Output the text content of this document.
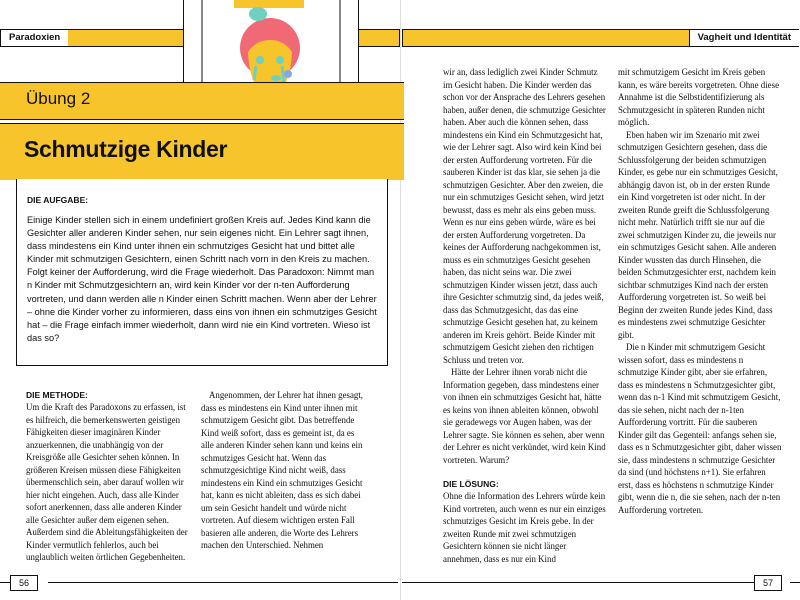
Paradoxien
Übung 2
Schmutzige Kinder
DIE AUFGABE:

Einige Kinder stellen sich in einem undefiniert großen Kreis auf. Jedes Kind kann die Gesichter aller anderen Kinder sehen, nur sein eigenes nicht. Ein Lehrer sagt ihnen, dass mindestens ein Kind unter ihnen ein schmutziges Gesicht hat und bittet alle Kinder mit schmutzigen Gesichtern, einen Schritt nach vorn in den Kreis zu machen. Folgt keiner der Aufforderung, wird die Frage wiederholt. Das Paradoxon: Nimmt man n Kinder mit Schmutzgesichtern an, wird kein Kinder vor der n-ten Aufforderung vortreten, und dann werden alle n Kinder einen Schritt machen. Wenn aber der Lehrer – ohne die Kinder vorher zu informieren, dass eins von ihnen ein schmutziges Gesicht hat – die Frage einfach immer wiederholt, dann wird nie ein Kind vortreten. Wieso ist das so?

DIE METHODE:

Um die Kraft des Paradoxons zu erfassen, ist es hilfreich, die bemerkenswerten geistigen Fähigkeiten dieser imaginären Kinder anzuerkennen, die unabhängig von der Kreisgröße alle Gesichter sehen können. In größeren Kreisen müssen diese Fähigkeiten übermenschlich sein, aber darauf wollen wir hier nicht eingehen. Auch, dass alle Kinder sofort anerkennen, dass alle anderen Kinder alle Gesichter außer dem eigenen sehen. Außerdem sind die Ableitungsfähigkeiten der Kinder vermutlich fehlerlos, auch bei unglaublich weiten örtlichen Gegebenheiten.

Angenommen, der Lehrer hat ihnen gesagt, dass es mindestens ein Kind unter ihnen mit schmutzigem Gesicht gibt. Das betreffende Kind weiß sofort, dass es gemeint ist, da es alle anderen Kinder sehen kann und keins ein schmutziges Gesicht hat. Wenn das schmutzgesichtige Kind nicht weiß, dass mindestens ein Kind ein schmutziges Gesicht hat, kann es nicht ableiten, dass es sich dabei um sein Gesicht handelt und würde nicht vortreten. Auf diesem wichtigen ersten Fall basieren alle anderen, die Worte des Lehrers machen den Unterschied. Nehmen

56
Vagheit und Identität

wir an, dass lediglich zwei Kinder Schmutz im Gesicht haben. Die Kinder werden das schon vor der Ansprache des Lehrers gesehen haben, außer denen, die schmutzige Gesichter haben. Aber auch die können sehen, dass mindestens ein Kind ein Schmutzgesicht hat, wie der Lehrer sagt. Also wird kein Kind bei der ersten Aufforderung vortreten. Für die sauberen Kinder ist das klar, sie sehen ja die schmutzigen Gesichter. Aber den zweien, die nur ein schmutziges Gesicht sehen, wird jetzt bewusst, dass es mehr als eins geben muss. Wenn es nur eins geben würde, wäre es bei der ersten Aufforderung vorgetreten. Da keines der Aufforderung nachgekommen ist, muss es ein schmutziges Gesicht gesehen haben, das nicht seins war. Die zwei schmutzigen Kinder wissen jetzt, dass auch ihre Gesichter schmutzig sind, da jedes weiß, dass das Schmutzgesicht, das das eine schmutzige Gesicht gesehen hat, zu keinem anderen im Kreis gehört. Beide Kinder mit schmutzigem Gesicht ziehen den richtigen Schluss und treten vor.

Hätte der Lehrer ihnen vorab nicht die Information gegeben, dass mindestens einer von ihnen ein schmutziges Gesicht hat, hätte es keins von ihnen ableiten können, obwohl sie geradewegs vor Augen haben, was der Lehrer sagte. Sie können es sehen, aber wenn der Lehrer es nicht verkündet, wird kein Kind vortreten. Warum?

DIE LÖSUNG:

Ohne die Information des Lehrers würde kein Kind vortreten, auch wenn es nur ein einziges schmutziges Gesicht im Kreis gebe. In der zweiten Runde mit zwei schmutzigen Gesichtern können sie nicht länger annehmen, dass es nur ein Kind

mit schmutzigem Gesicht im Kreis geben kann, es wäre bereits vorgetreten. Ohne diese Annahme ist die Selbstidentifizierung als Schmutzgesicht in späteren Runden nicht möglich.

Eben haben wir im Szenario mit zwei schmutzigen Gesichtern gesehen, dass die Schlussfolgerung der beiden schmutzigen Kinder, es gebe nur ein schmutziges Gesicht, abhängig davon ist, ob in der ersten Runde ein Kind vorgetreten ist oder nicht. In der zweiten Runde greift die Schlussfolgerung nicht mehr. Natürlich trifft sie nur auf die zwei schmutzigen Kinder zu, die jeweils nur ein schmutziges Gesicht sahen. Alle anderen Kinder wussten das durch Hinsehen, die beiden Schmutzgesichter erst, nachdem kein sichtbar schmutziges Kind nach der ersten Aufforderung vorgetreten ist. So weiß bei Beginn der zweiten Runde jedes Kind, dass es mindestens zwei schmutzige Gesichter gibt.

Die n Kinder mit schmutzigem Gesicht wissen sofort, dass es mindestens n schmutzige Kinder gibt, aber sie erfahren, dass es mindestens n Schmutzgesichter gibt, wenn das n-1 Kind mit schmutzigem Gesicht, das sie sehen, nicht nach der n-1ten Aufforderung vortritt. Für die sauberen Kinder gilt das Gegenteil: anfangs sehen sie, dass es n Schmutzgesichter gibt, daher wissen sie, dass mindestens n schmutzige Gesichter da sind (und höchstens n+1). Sie erfahren erst, dass es höchstens n schmutzige Kinder gibt, wenn die n, die sie sehen, nach der n-ten Aufforderung vortreten.

57
